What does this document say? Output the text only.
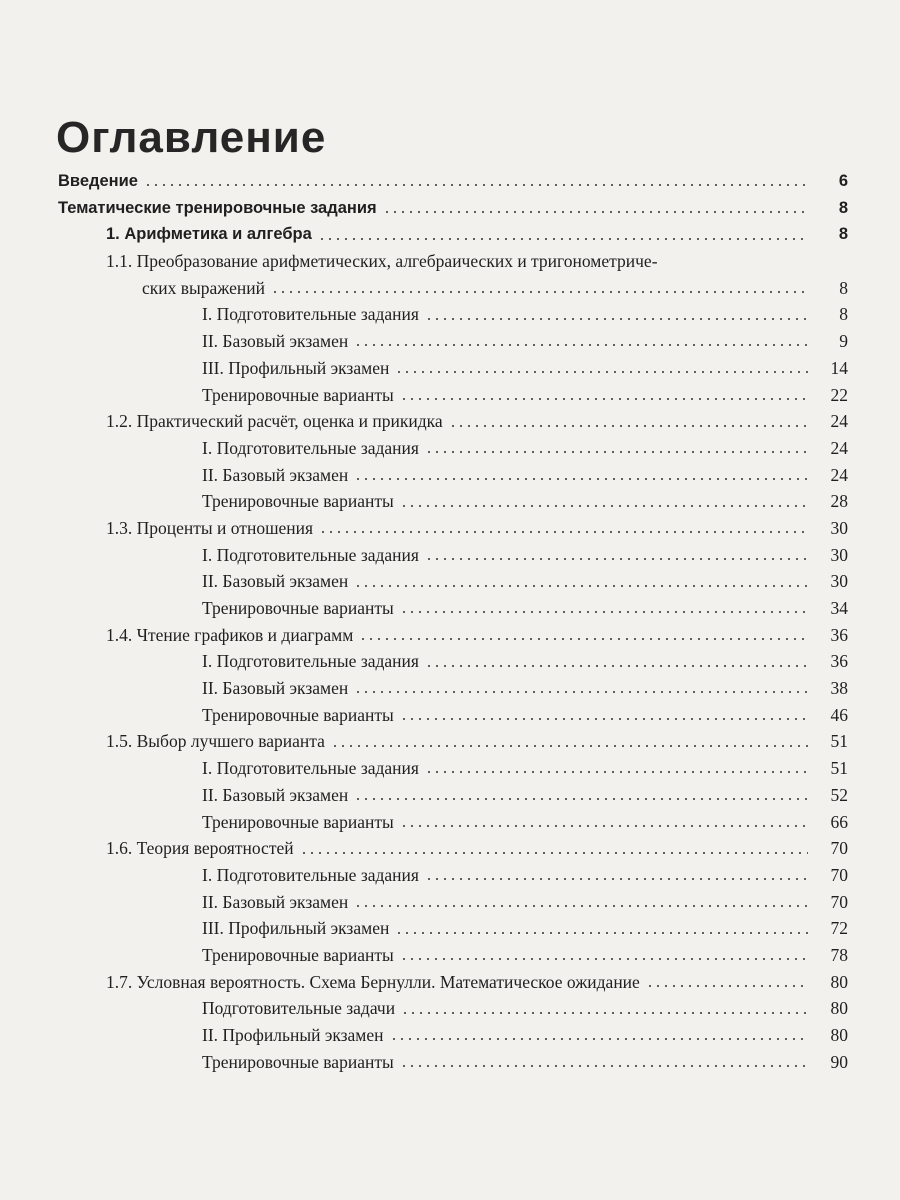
Оглавление
Введение	6
Тематические тренировочные задания	8
1. Арифметика и алгебра	8
1.1. Преобразование арифметических, алгебраических и тригонометриче-
ских выражений	8
I. Подготовительные задания	8
II. Базовый экзамен	9
III. Профильный экзамен	14
Тренировочные варианты	22
1.2. Практический расчёт, оценка и прикидка	24
I. Подготовительные задания	24
II. Базовый экзамен	24
Тренировочные варианты	28
1.3. Проценты и отношения	30
I. Подготовительные задания	30
II. Базовый экзамен	30
Тренировочные варианты	34
1.4. Чтение графиков и диаграмм	36
I. Подготовительные задания	36
II. Базовый экзамен	38
Тренировочные варианты	46
1.5. Выбор лучшего варианта	51
I. Подготовительные задания	51
II. Базовый экзамен	52
Тренировочные варианты	66
1.6. Теория вероятностей	70
I. Подготовительные задания	70
II. Базовый экзамен	70
III. Профильный экзамен	72
Тренировочные варианты	78
1.7. Условная вероятность. Схема Бернулли. Математическое ожидание	80
Подготовительные задачи	80
II. Профильный экзамен	80
Тренировочные варианты	90
